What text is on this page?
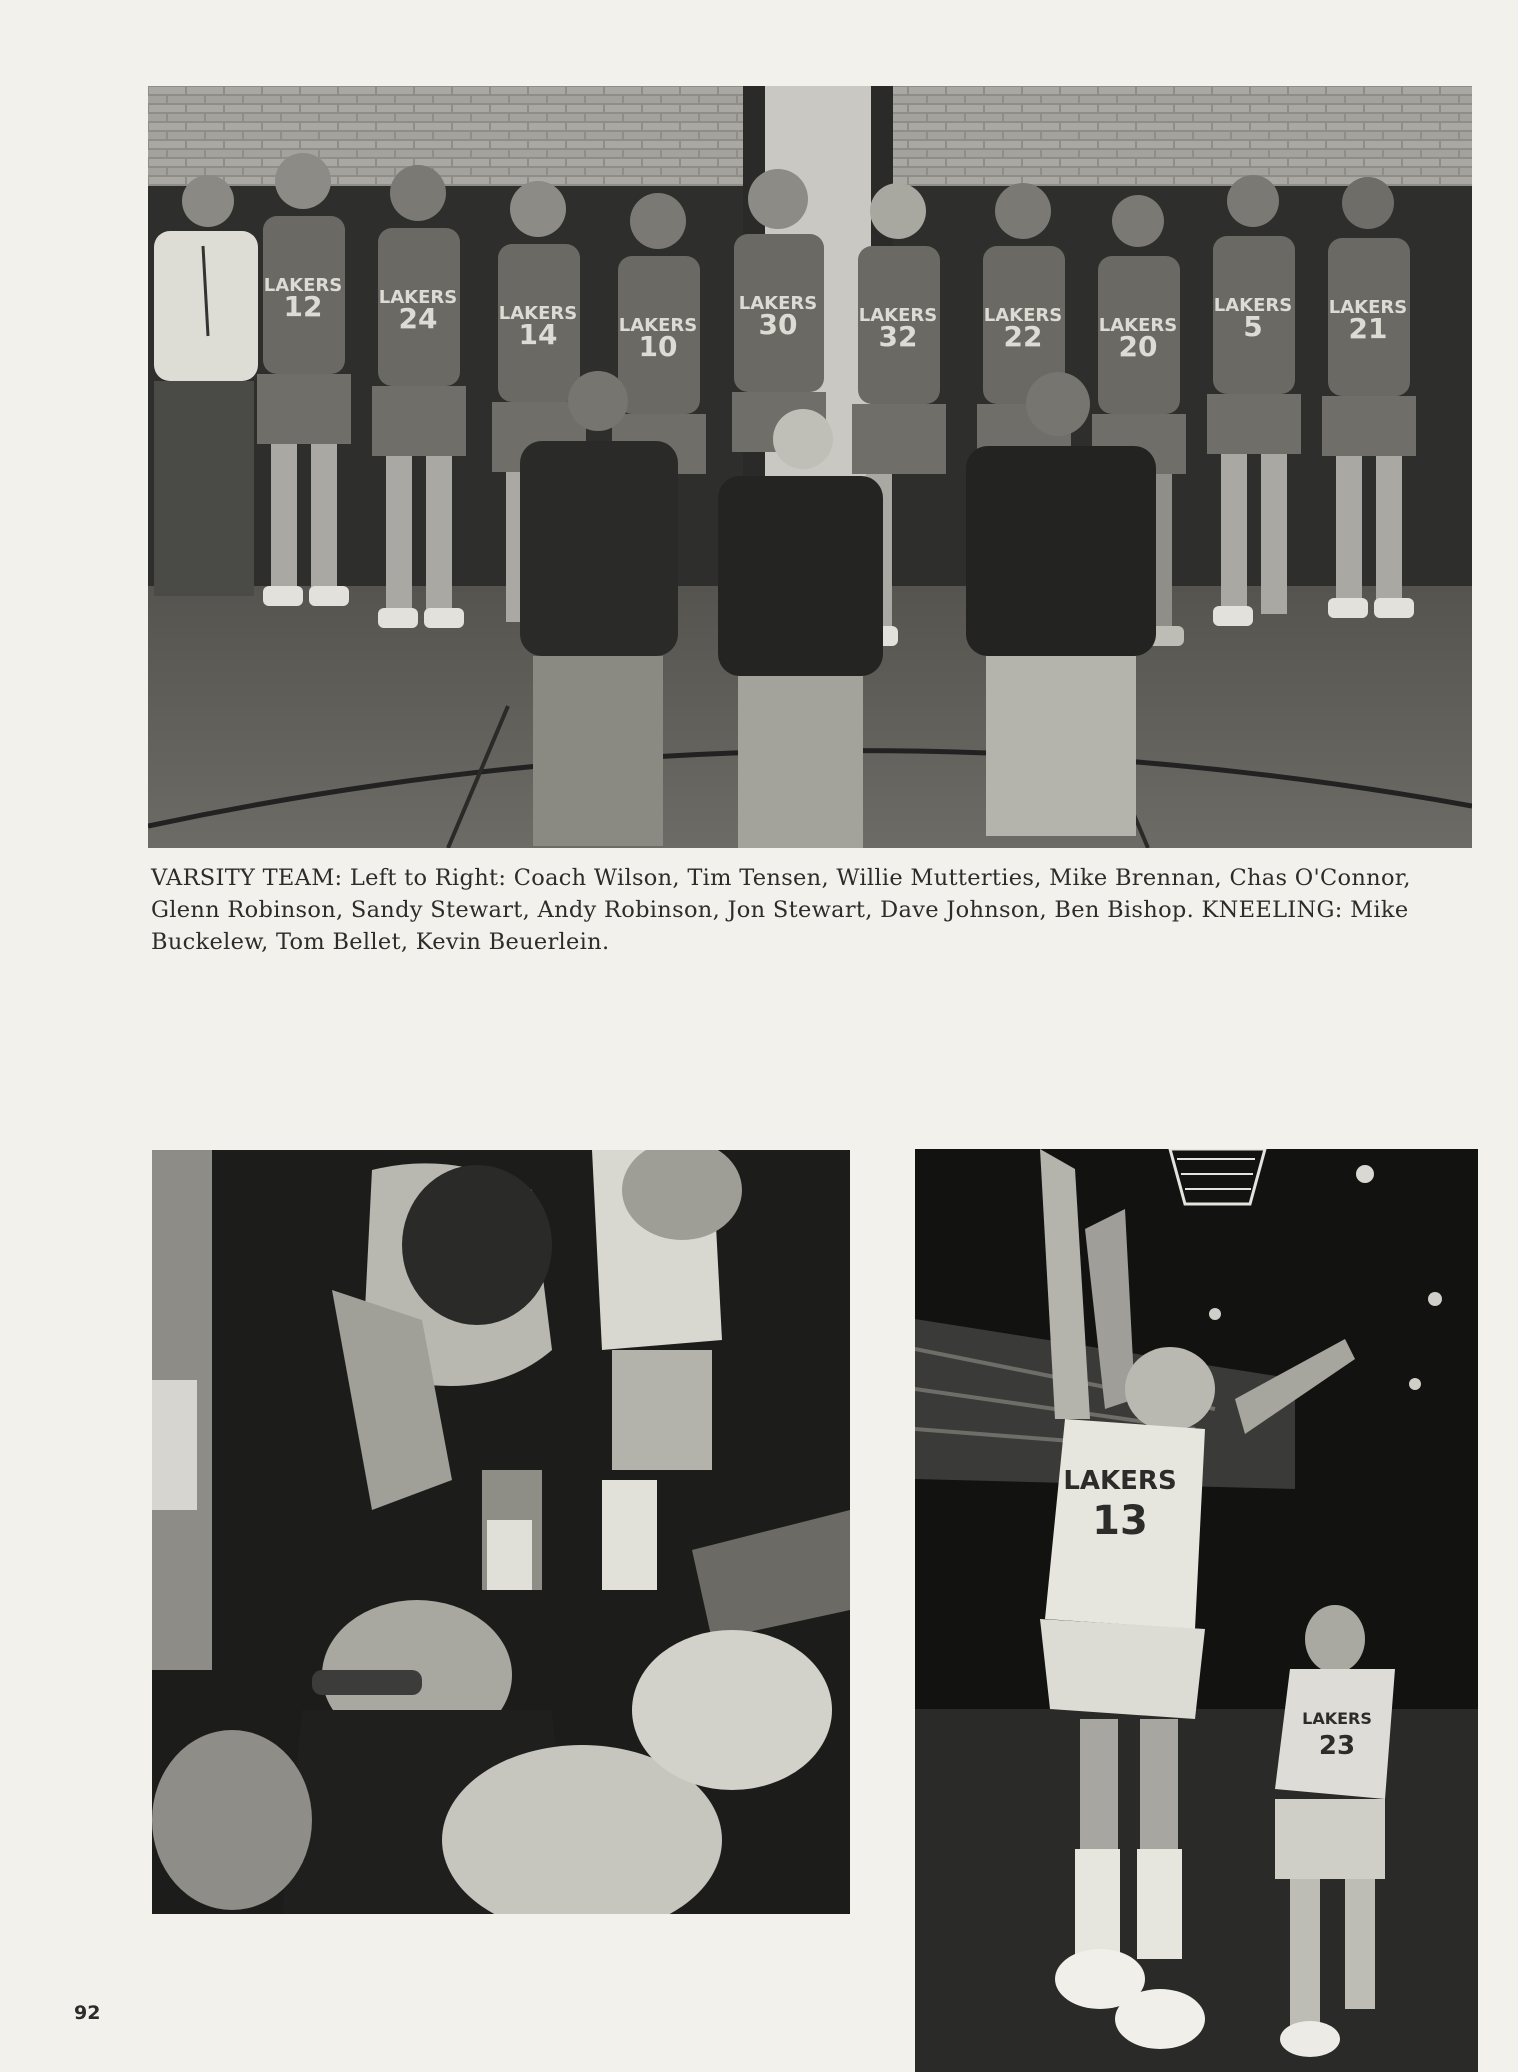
LAKERS
12	LAKERS
24	LAKERS
14	LAKERS
10
LAKERS
30	LAKERS
32
LAKERS
22	LAKERS
20
LAKERS
5
LAKERS
21
VARSITY TEAM: Left to Right: Coach Wilson, Tim Tensen, Willie Mutterties, Mike Brennan, Chas O'Connor, Glenn Robinson, Sandy Stewart, Andy Robinson, Jon Stewart, Dave Johnson, Ben Bishop. KNEELING: Mike Buckelew, Tom Bellet, Kevin Beuerlein.
LAKERS
13
LAKERS
23
92
